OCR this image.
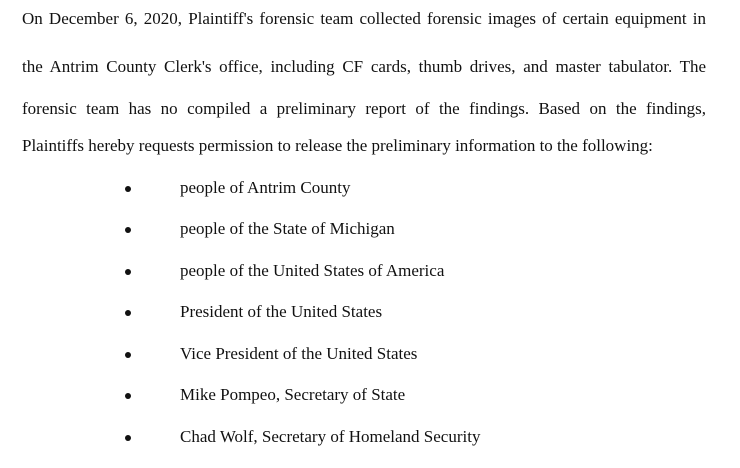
On December 6, 2020, Plaintiff's forensic team collected forensic images of certain equipment in
the Antrim County Clerk's office, including CF cards, thumb drives, and master tabulator. The
forensic team has no compiled a preliminary report of the findings. Based on the findings,
Plaintiffs hereby requests permission to release the preliminary information to the following:
people of Antrim County
people of the State of Michigan
people of the United States of America
President of the United States
Vice President of the United States
Mike Pompeo, Secretary of State
Chad Wolf, Secretary of Homeland Security
